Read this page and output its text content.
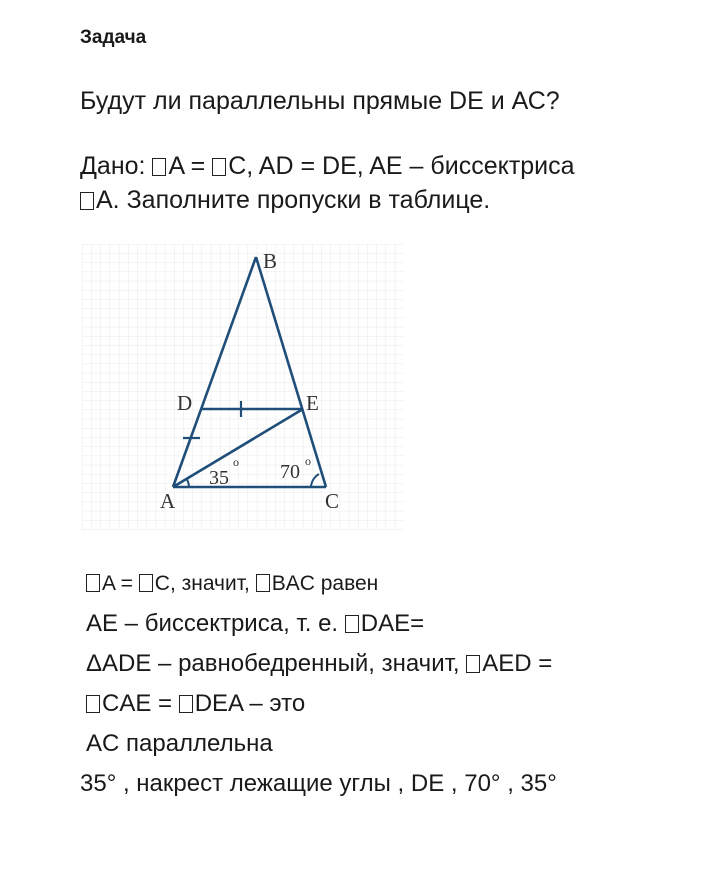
Задача
Будут ли параллельны прямые DE и АС?
Дано: A = C, AD = DE, AE – биссектриса
A. Заполните пропуски в таблице.
B
D	E
A	C
35
o 70 o
A = C, значит, BAC равен
AE – биссектриса, т. е. DAE=
ΔADE – равнобедренный, значит, AED =
CAE = DEA – это
AC параллельна
35° , накрест лежащие углы , DE , 70° , 35°
